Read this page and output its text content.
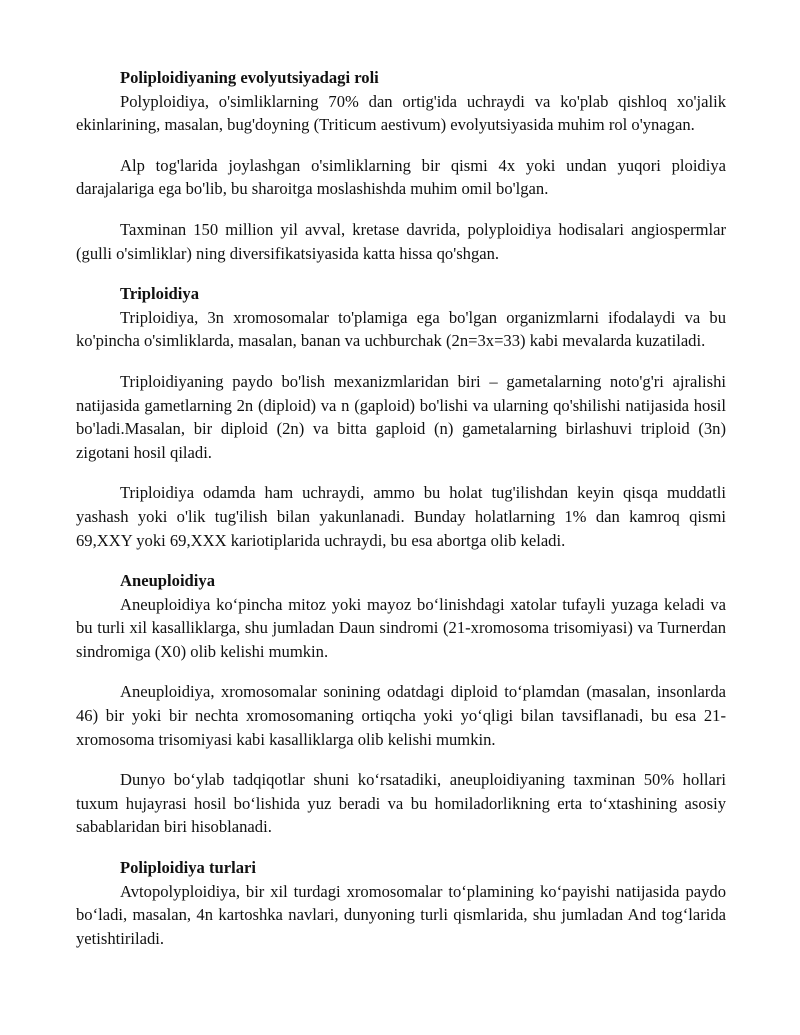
Poliploidiyaning evolyutsiyadagi roli

Polyploidiya, o'simliklarning 70% dan ortig'ida uchraydi va ko'plab qishloq xo'jalik ekinlarining, masalan, bug'doyning (Triticum aestivum) evolyutsiyasida muhim rol o'ynagan.

Alp tog'larida joylashgan o'simliklarning bir qismi 4x yoki undan yuqori ploidiya darajalariga ega bo'lib, bu sharoitga moslashishda muhim omil bo'lgan.

Taxminan 150 million yil avval, kretase davrida, polyploidiya hodisalari angiospermlar (gulli o'simliklar) ning diversifikatsiyasida katta hissa qo'shgan.

Triploidiya

Triploidiya, 3n xromosomalar to'plamiga ega bo'lgan organizmlarni ifodalaydi va bu ko'pincha o'simliklarda, masalan, banan va uchburchak (2n=3x=33) kabi mevalarda kuzatiladi.

Triploidiyaning paydo bo'lish mexanizmlaridan biri – gametalarning noto'g'ri ajralishi natijasida gametlarning 2n (diploid) va n (gaploid) bo'lishi va ularning qo'shilishi natijasida hosil bo'ladi.Masalan, bir diploid (2n) va bitta gaploid (n) gametalarning birlashuvi triploid (3n) zigotani hosil qiladi.

Triploidiya odamda ham uchraydi, ammo bu holat tug'ilishdan keyin qisqa muddatli yashash yoki o'lik tug'ilish bilan yakunlanadi. Bunday holatlarning 1% dan kamroq qismi 69,XXY yoki 69,XXX kariotiplarida uchraydi, bu esa abortga olib keladi.

Aneuploidiya

Aneuploidiya ko‘pincha mitoz yoki mayoz bo‘linishdagi xatolar tufayli yuzaga keladi va bu turli xil kasalliklarga, shu jumladan Daun sindromi (21-xromosoma trisomiyasi) va Turnerdan sindromiga (X0) olib kelishi mumkin.

Aneuploidiya, xromosomalar sonining odatdagi diploid to‘plamdan (masalan, insonlarda 46) bir yoki bir nechta xromosomaning ortiqcha yoki yo‘qligi bilan tavsiflanadi, bu esa 21-xromosoma trisomiyasi kabi kasalliklarga olib kelishi mumkin.

Dunyo bo‘ylab tadqiqotlar shuni ko‘rsatadiki, aneuploidiyaning taxminan 50% hollari tuxum hujayrasi hosil bo‘lishida yuz beradi va bu homiladorlikning erta to‘xtashining asosiy sabablaridan biri hisoblanadi.

Poliploidiya turlari

Avtopolyploidiya, bir xil turdagi xromosomalar to‘plamining ko‘payishi natijasida paydo bo‘ladi, masalan, 4n kartoshka navlari, dunyoning turli qismlarida, shu jumladan And tog‘larida yetishtiriladi.
